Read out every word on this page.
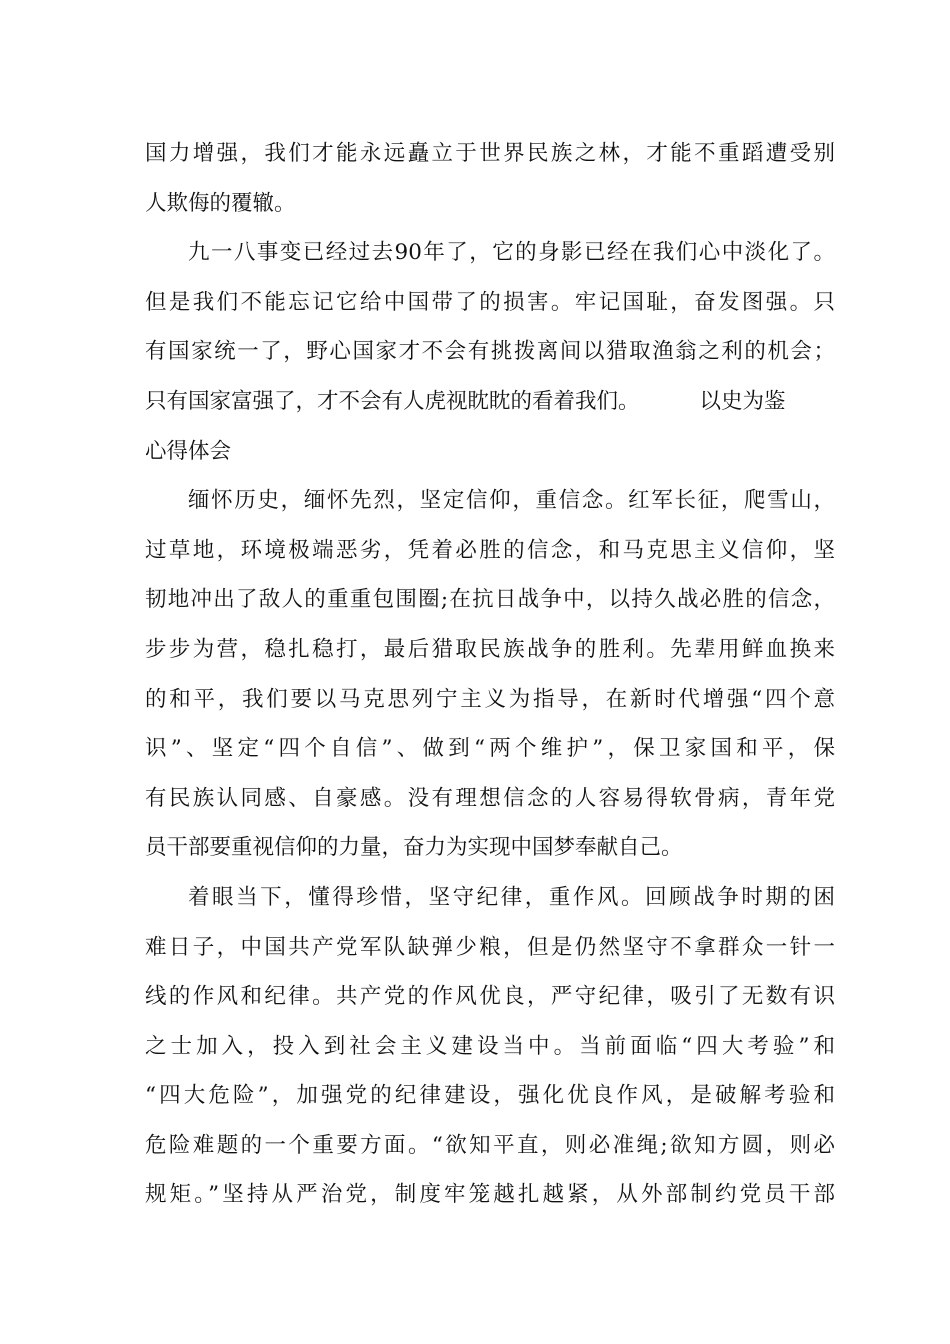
国力增强，我们才能永远矗立于世界民族之林，才能不重蹈遭受别
人欺侮的覆辙。
九一八事变已经过去90年了，它的身影已经在我们心中淡化了。
但是我们不能忘记它给中国带了的损害。牢记国耻，奋发图强。只
有国家统一了，野心国家才不会有挑拨离间以猎取渔翁之利的机会；
只有国家富强了，才不会有人虎视眈眈的看着我们。	以史为鉴
心得体会
缅怀历史，缅怀先烈，坚定信仰，重信念。红军长征，爬雪山，
过草地，环境极端恶劣，凭着必胜的信念，和马克思主义信仰，坚
韧地冲出了敌人的重重包围圈;在抗日战争中，以持久战必胜的信念，
步步为营，稳扎稳打，最后猎取民族战争的胜利。先辈用鲜血换来
的和平，我们要以马克思列宁主义为指导，在新时代增强“四个意
识”、坚定“四个自信”、做到“两个维护”，保卫家国和平，保
有民族认同感、自豪感。没有理想信念的人容易得软骨病，青年党
员干部要重视信仰的力量，奋力为实现中国梦奉献自己。
着眼当下，懂得珍惜，坚守纪律，重作风。回顾战争时期的困
难日子，中国共产党军队缺弹少粮，但是仍然坚守不拿群众一针一
线的作风和纪律。共产党的作风优良，严守纪律，吸引了无数有识
之士加入，投入到社会主义建设当中。当前面临“四大考验”和
“四大危险”，加强党的纪律建设，强化优良作风，是破解考验和
危险难题的一个重要方面。“欲知平直，则必准绳;欲知方圆，则必
规矩。”坚持从严治党，制度牢笼越扎越紧，从外部制约党员干部
